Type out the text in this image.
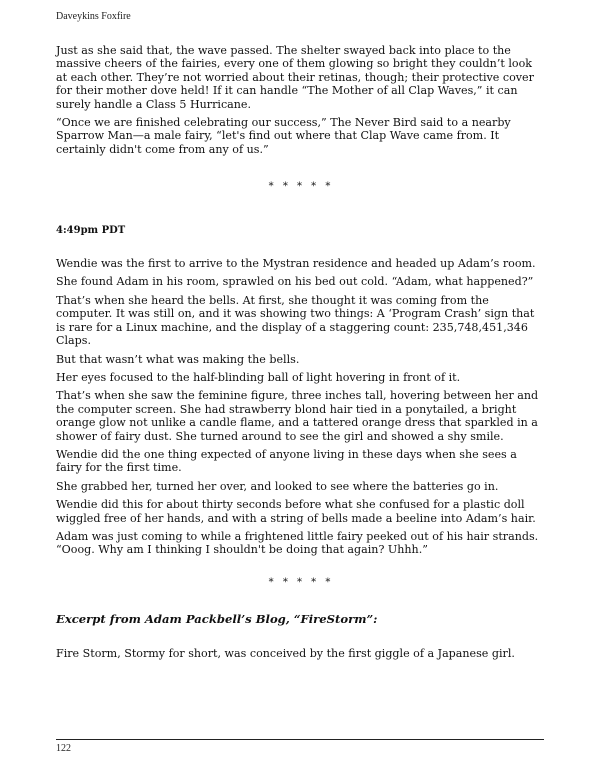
Daveykins Foxfire

Just as she said that, the wave passed. The shelter swayed back into place to the massive cheers of the fairies, every one of them glowing so bright they couldn’t look at each other. They’re not worried about their retinas, though; their protective cover for their mother dove held! If it can handle “The Mother of all Clap Waves,” it can surely handle a Class 5 Hurricane.

“Once we are finished celebrating our success,” The Never Bird said to a nearby Sparrow Man—a male fairy, “let's find out where that Clap Wave came from. It certainly didn't come from any of us.”

* * * * *
4:49pm PDT

Wendie was the first to arrive to the Mystran residence and headed up Adam’s room.

She found Adam in his room, sprawled on his bed out cold. “Adam, what happened?”

That’s when she heard the bells. At first, she thought it was coming from the computer. It was still on, and it was showing two things: A ‘Program Crash’ sign that is rare for a Linux machine, and the display of a staggering count: 235,748,451,346 Claps.

But that wasn’t what was making the bells.

Her eyes focused to the half-blinding ball of light hovering in front of it.

That’s when she saw the feminine figure, three inches tall, hovering between her and the computer screen. She had strawberry blond hair tied in a ponytailed, a bright orange glow not unlike a candle flame, and a tattered orange dress that sparkled in a shower of fairy dust. She turned around to see the girl and showed a shy smile.

Wendie did the one thing expected of anyone living in these days when she sees a fairy for the first time.

She grabbed her, turned her over, and looked to see where the batteries go in.

Wendie did this for about thirty seconds before what she confused for a plastic doll wiggled free of her hands, and with a string of bells made a beeline into Adam’s hair.

Adam was just coming to while a frightened little fairy peeked out of his hair strands. “Ooog. Why am I thinking I shouldn't be doing that again? Uhhh.”

* * * * *
Excerpt from Adam Packbell’s Blog, “FireStorm”:

Fire Storm, Stormy for short, was conceived by the first giggle of a Japanese girl.

122
